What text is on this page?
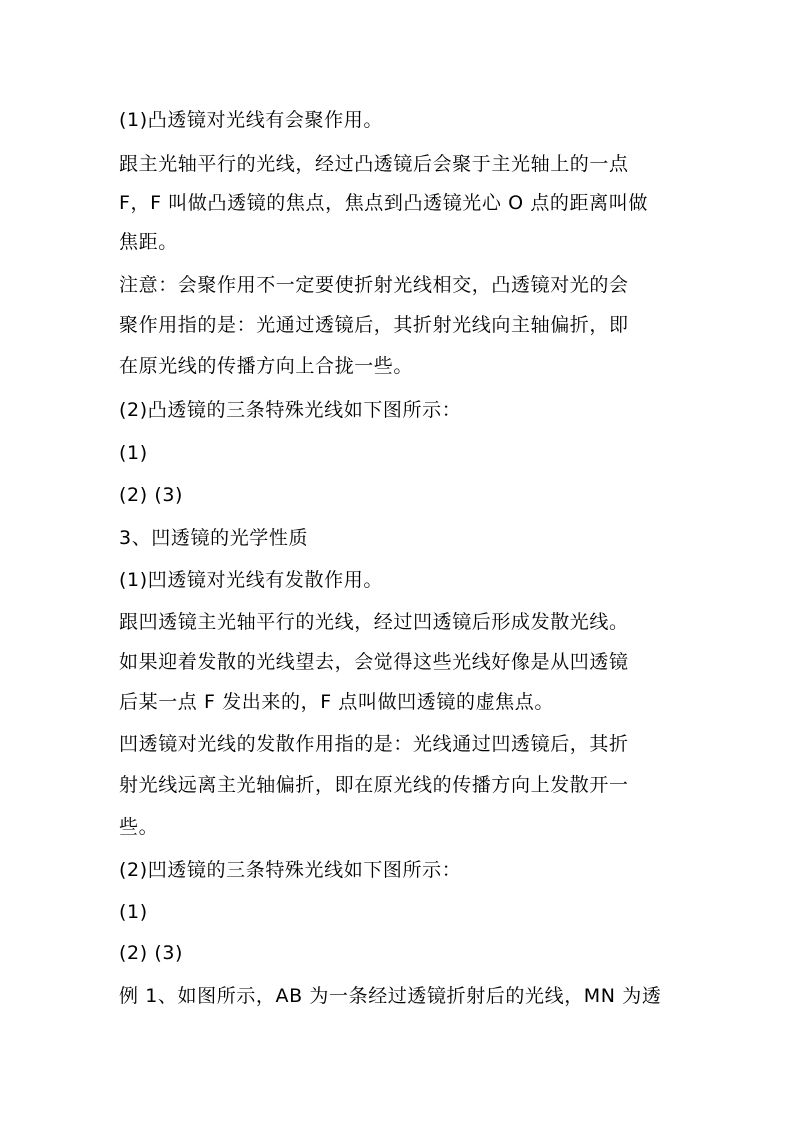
(1)凸透镜对光线有会聚作用。
跟主光轴平行的光线，经过凸透镜后会聚于主光轴上的一点
F，F 叫做凸透镜的焦点，焦点到凸透镜光心 O 点的距离叫做
焦距。
注意：会聚作用不一定要使折射光线相交，凸透镜对光的会
聚作用指的是：光通过透镜后，其折射光线向主轴偏折，即
在原光线的传播方向上合拢一些。
(2)凸透镜的三条特殊光线如下图所示：
(1)
(2) (3)
3、凹透镜的光学性质
(1)凹透镜对光线有发散作用。
跟凹透镜主光轴平行的光线，经过凹透镜后形成发散光线。
如果迎着发散的光线望去，会觉得这些光线好像是从凹透镜
后某一点 F 发出来的，F 点叫做凹透镜的虚焦点。
凹透镜对光线的发散作用指的是：光线通过凹透镜后，其折
射光线远离主光轴偏折，即在原光线的传播方向上发散开一
些。
(2)凹透镜的三条特殊光线如下图所示：
(1)
(2) (3)
例 1、如图所示，AB 为一条经过透镜折射后的光线，MN 为透
